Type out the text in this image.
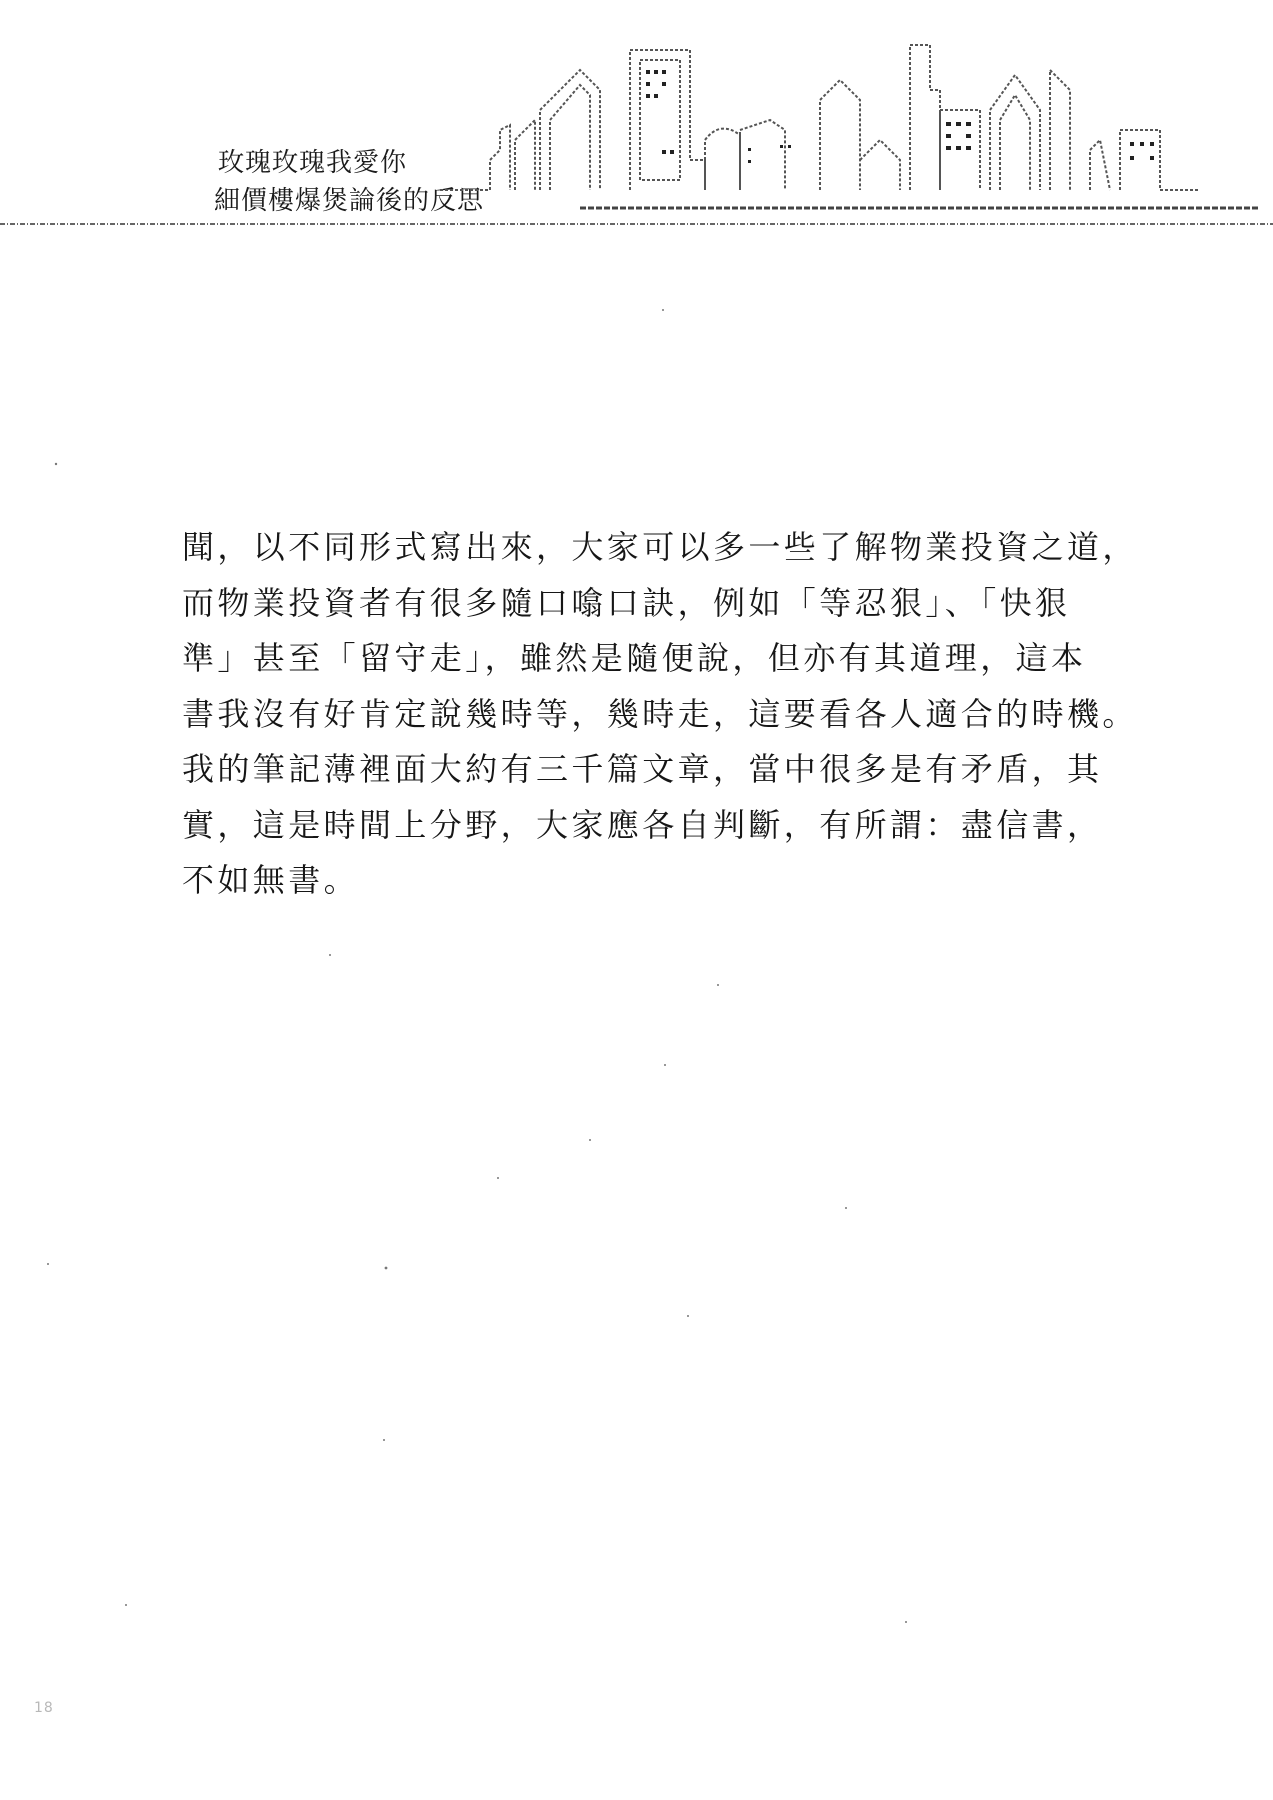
玫瑰玫瑰我愛你
細價樓爆煲論後的反思
聞，以不同形式寫出來，大家可以多一些了解物業投資之道，
而物業投資者有很多隨口噏口訣，例如「等忍狠」、「快狠
準」甚至「留守走」，雖然是隨便說，但亦有其道理，這本
書我沒有好肯定說幾時等，幾時走，這要看各人適合的時機。
我的筆記薄裡面大約有三千篇文章，當中很多是有矛盾，其
實，這是時間上分野，大家應各自判斷，有所謂：盡信書，
不如無書。
18
